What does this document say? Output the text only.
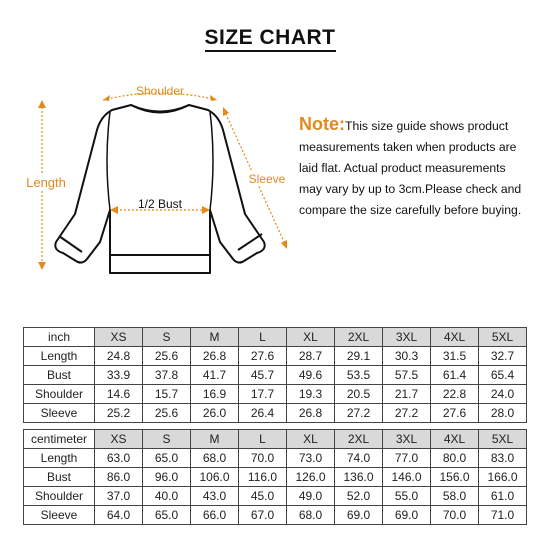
SIZE CHART
Shoulder
Length	Sleeve
1/2 Bust
Note:This size guide shows product measurements taken when products are laid flat. Actual product measurements may vary by up to 3cm.Please check and compare the size carefully before buying.
inch	XS	S	M	L	XL	2XL	3XL	4XL	5XL
Length	24.8	25.6	26.8	27.6	28.7	29.1	30.3	31.5	32.7
Bust	33.9	37.8	41.7	45.7	49.6	53.5	57.5	61.4	65.4
Shoulder	14.6	15.7	16.9	17.7	19.3	20.5	21.7	22.8	24.0
Sleeve	25.2	25.6	26.0	26.4	26.8	27.2	27.2	27.6	28.0
centimeter	XS	S	M	L	XL	2XL	3XL	4XL	5XL
Length	63.0	65.0	68.0	70.0	73.0	74.0	77.0	80.0	83.0
Bust	86.0	96.0	106.0	116.0	126.0	136.0	146.0	156.0	166.0
Shoulder	37.0	40.0	43.0	45.0	49.0	52.0	55.0	58.0	61.0
Sleeve	64.0	65.0	66.0	67.0	68.0	69.0	69.0	70.0	71.0
